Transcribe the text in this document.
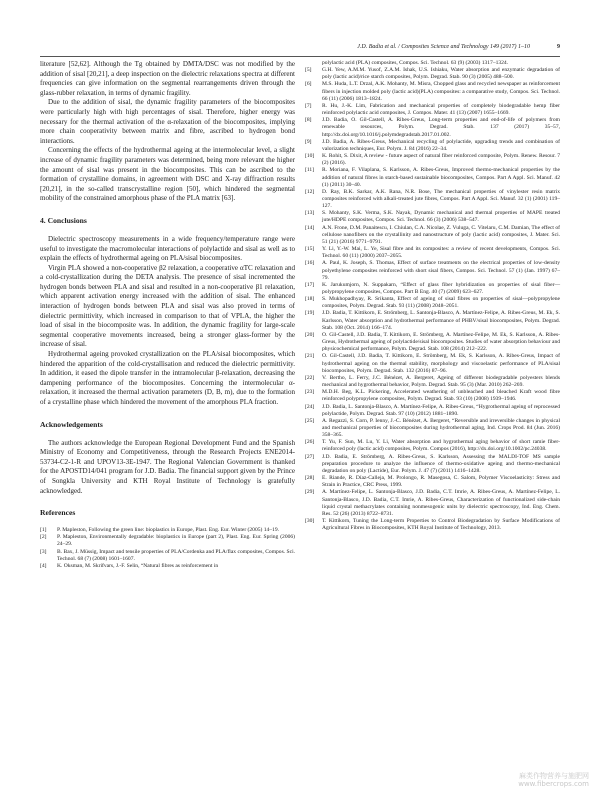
J.D. Badia et al. / Composites Science and Technology 149 (2017) 1–10	9

literature [52,62]. Although the Tg obtained by DMTA/DSC was not modified by the addition of sisal [20,21], a deep inspection on the dielectric relaxations spectra at different frequencies can give information on the segmental rearrangements driven through the glass-rubber relaxation, in terms of dynamic fragility.

Due to the addition of sisal, the dynamic fragility parameters of the biocomposites were particularly high with high percentages of sisal. Therefore, higher energy was necessary for the thermal activation of the α-relaxation of the biocomposites, implying more chain cooperativity between matrix and fibre, ascribed to hydrogen bond interactions.

Concerning the effects of the hydrothermal ageing at the intermolecular level, a slight increase of dynamic fragility parameters was determined, being more relevant the higher the amount of sisal was present in the biocomposites. This can be ascribed to the formation of crystalline domains, in agreement with DSC and X-ray diffraction results [20,21], in the so-called transcrystalline region [50], which hindered the segmental mobility of the constrained amorphous phase of the PLA matrix [63].

4. Conclusions

Dielectric spectroscopy measurements in a wide frequency/temperature range were useful to investigate the macromolecular interactions of polylactide and sisal as well as to explain the effects of hydrothermal ageing on PLA/sisal biocomposites.

Virgin PLA showed a non-cooperative β2 relaxation, a cooperative αTC relaxation and a cold-crystallization during the DETA analysis. The presence of sisal incremented the hydrogen bonds between PLA and sisal and resulted in a non-cooperative β1 relaxation, which apparent activation energy increased with the addition of sisal. The enhanced interaction of hydrogen bonds between PLA and sisal was also proved in terms of dielectric permittivity, which increased in comparison to that of VPLA, the higher the load of sisal in the biocomposite was. In addition, the dynamic fragility for large-scale segmental cooperative movements increased, being a stronger glass-former by the increase of sisal.

Hydrothermal ageing provoked crystallization on the PLA/sisal biocomposites, which hindered the apparition of the cold-crystallisation and reduced the dielectric permittivity. In addition, it eased the dipole transfer in the intramolecular β-relaxation, decreasing the dampening performance of the biocomposites. Concerning the intermolecular α-relaxation, it increased the thermal activation parameters (D, B, m), due to the formation of a crystalline phase which hindered the movement of the amorphous PLA fraction.

Acknowledgements

The authors acknowledge the European Regional Development Fund and the Spanish Ministry of Economy and Competitiveness, through the Research Projects ENE2014-53734-C2-1-R and UPOV13-3E-1947. The Regional Valencian Government is thanked for the APOSTD14/041 program for J.D. Badia. The financial support given by the Prince of Songkla University and KTH Royal Institute of Technology is gratefully acknowledged.

References
[1] P. Mapleston, Following the green line: bioplastics in Europe, Plast. Eng. Eur. Winter (2005) 14–19.
[2] P. Mapleston, Environmentally degradable: bioplastics in Europe (part 2), Plast. Eng. Eur. Spring (2006) 24–29.
[3] B. Bax, J. Müssig, Impact and tensile properties of PLA/Cordenka and PLA/flax composites, Compos. Sci. Technol. 68 (7) (2008) 1601–1607.
[4] K. Oksman, M. Skrifvars, J.-F. Selin, “Natural fibres as reinforcement in
polylactic acid (PLA) composites, Compos. Sci. Technol. 63 (9) (2003) 1317–1324.
[5] G.H. Yew, A.M.M. Yusof, Z.A.M. Ishak, U.S. Ishiaku, Water absorption and enzymatic degradation of poly (lactic acid)/rice starch composites, Polym. Degrad. Stab. 90 (3) (2005) 488–500.
[6] M.S. Huda, L.T. Drzal, A.K. Mohanty, M. Misra, Chopped glass and recycled newspaper as reinforcement fibers in injection molded poly (lactic acid)(PLA) composites: a comparative study, Compos. Sci. Technol. 66 (11) (2006) 1813–1824.
[7] R. Hu, J.-K. Lim, Fabrication and mechanical properties of completely biodegradable hemp fiber reinforced polylactic acid composites, J. Compos. Mater. 41 (13) (2007) 1655–1669.
[8] J.D. Badia, O. Gil-Castell, A. Ribes-Greus, Long-term properties and end-of-life of polymers from renewable resources, Polym. Degrad. Stab. 137 (2017) 35–57, http://dx.doi.org/10.1016/j.polymdegradstab.2017.01.002.
[9] J.D. Badia, A. Ribes-Greus, Mechanical recycling of polylactide, upgrading trends and combination of valorization techniques, Eur. Polym. J. 84 (2016) 22–34.
[10] K. Rohit, S. Dixit, A review - future aspect of natural fiber reinforced composite, Polym. Renew. Resour. 7 (2) (2016).
[11] R. Moriana, F. Vilaplana, S. Karlsson, A. Ribes-Greus, Improved thermo-mechanical properties by the addition of natural fibres in starch-based sustainable biocomposites, Compos. Part A Appl. Sci. Manuf. 42 (1) (2011) 30–40.
[12] D. Ray, B.K. Sarkar, A.K. Rana, N.R. Bose, The mechanical properties of vinylester resin matrix composites reinforced with alkali-treated jute fibres, Compos. Part A Appl. Sci. Manuf. 32 (1) (2001) 119–127.
[13] S. Mohanty, S.K. Verma, S.K. Nayak, Dynamic mechanical and thermal properties of MAPE treated jute/HDPE composites, Compos. Sci. Technol. 66 (3) (2006) 538–547.
[14] A.N. Frone, D.M. Panaitescu, I. Chiulan, C.A. Nicolae, Z. Vuluga, C. Vitelaru, C.M. Damian, The effect of cellulose nanofibers on the crystallinity and nanostructure of poly (lactic acid) composites, J. Mater. Sci. 51 (21) (2016) 9771–9791.
[15] Y. Li, Y.-W. Mai, L. Ye, Sisal fibre and its composites: a review of recent developments, Compos. Sci. Technol. 60 (11) (2000) 2037–2055.
[16] A. Paul, K. Joseph, S. Thomas, Effect of surface treatments on the electrical properties of low-density polyethylene composites reinforced with short sisal fibers, Compos. Sci. Technol. 57 (1) (Jan. 1997) 67–79.
[17] K. Jarukumjorn, N. Suppakarn, “Effect of glass fiber hybridization on properties of sisal fiber—polypropylene composites, Compos. Part B Eng. 40 (7) (2009) 623–627.
[18] S. Mukhopadhyay, R. Srikanta, Effect of ageing of sisal fibres on properties of sisal—polypropylene composites, Polym. Degrad. Stab. 93 (11) (2008) 2048–2051.
[19] J.D. Badia, T. Kittikorn, E. Strömberg, L. Santonja-Blasco, A. Martínez-Felipe, A. Ribes-Greus, M. Ek, S. Karlsson, Water absorption and hydrothermal performance of PHBV/sisal biocomposites, Polym. Degrad. Stab. 108 (Oct. 2014) 166–174.
[20] O. Gil-Castell, J.D. Badia, T. Kittikorn, E. Strömberg, A. Martínez-Felipe, M. Ek, S. Karlsson, A. Ribes-Greus, Hydrothermal ageing of polylactide/sisal biocomposites. Studies of water absorption behaviour and physicochemical performance, Polym. Degrad. Stab. 108 (2014) 212–222.
[21] O. Gil-Castell, J.D. Badia, T. Kittikorn, E. Strömberg, M. Ek, S. Karlsson, A. Ribes-Greus, Impact of hydrothermal ageing on the thermal stability, morphology and viscoelastic performance of PLA/sisal biocomposites, Polym. Degrad. Stab. 132 (2016) 87–96.
[22] V. Bertho, L. Ferry, J.C. Bénézet, A. Bergeret, Ageing of different biodegradable polyesters blends mechanical and hygrothermal behavior, Polym. Degrad. Stab. 95 (3) (Mar. 2010) 262–269.
[23] M.D.H. Beg, K.L. Pickering, Accelerated weathering of unbleached and bleached Kraft wood fibre reinforced polypropylene composites, Polym. Degrad. Stab. 93 (10) (2008) 1939–1946.
[24] J.D. Badia, L. Santonja-Blasco, A. Martínez-Felipe, A. Ribes-Greus, “Hygrothermal ageing of reprocessed polylactide, Polym. Degrad. Stab. 97 (10) (2012) 1881–1890.
[25] A. Regazzi, S. Corn, P. Ienny, J.-C. Bénézet, A. Bergeret, “Reversible and irreversible changes in physical and mechanical properties of biocomposites during hydrothermal aging, Ind. Crops Prod. 84 (Jun. 2016) 358–365.
[26] T. Yu, F. Sun, M. Lu, Y. Li, Water absorption and hygrothermal aging behavior of short ramie fiber-reinforced poly (lactic acid) composites, Polym. Compos (2016), http://dx.doi.org/10.1002/pc.24038.
[27] J.D. Badia, E. Strömberg, A. Ribes-Greus, S. Karlsson, Assessing the MALDI-TOF MS sample preparation procedure to analyze the influence of thermo-oxidative ageing and thermo-mechanical degradation on poly (Lactide), Eur. Polym. J. 47 (7) (2011) 1416–1428.
[28] E. Riande, R. Díaz-Calleja, M. Prolongo, R. Masegosa, C. Salom, Polymer Viscoelasticity: Stress and Strain in Practice, CRC Press, 1999.
[29] A. Martínez-Felipe, L. Santonja-Blasco, J.D. Badia, C.T. Imrie, A. Ribes-Greus, A. Martínez-Felipe, L. Santonja-Blasco, J.D. Badia, C.T. Imrie, A. Ribes-Greus, Characterization of functionalized side-chain liquid crystal methacrylates containing nonmesogenic units by dielectric spectroscopy, Ind. Eng. Chem. Res. 52 (26) (2013) 8722–8731.
[30] T. Kittikorn, Tuning the Long-term Properties to Control Biodegradation by Surface Modifications of Agricultural Fibres in Biocomposites, KTH Royal Institute of Technology, 2013.
麻类作物营养与施肥网
www.fibercrops.com
